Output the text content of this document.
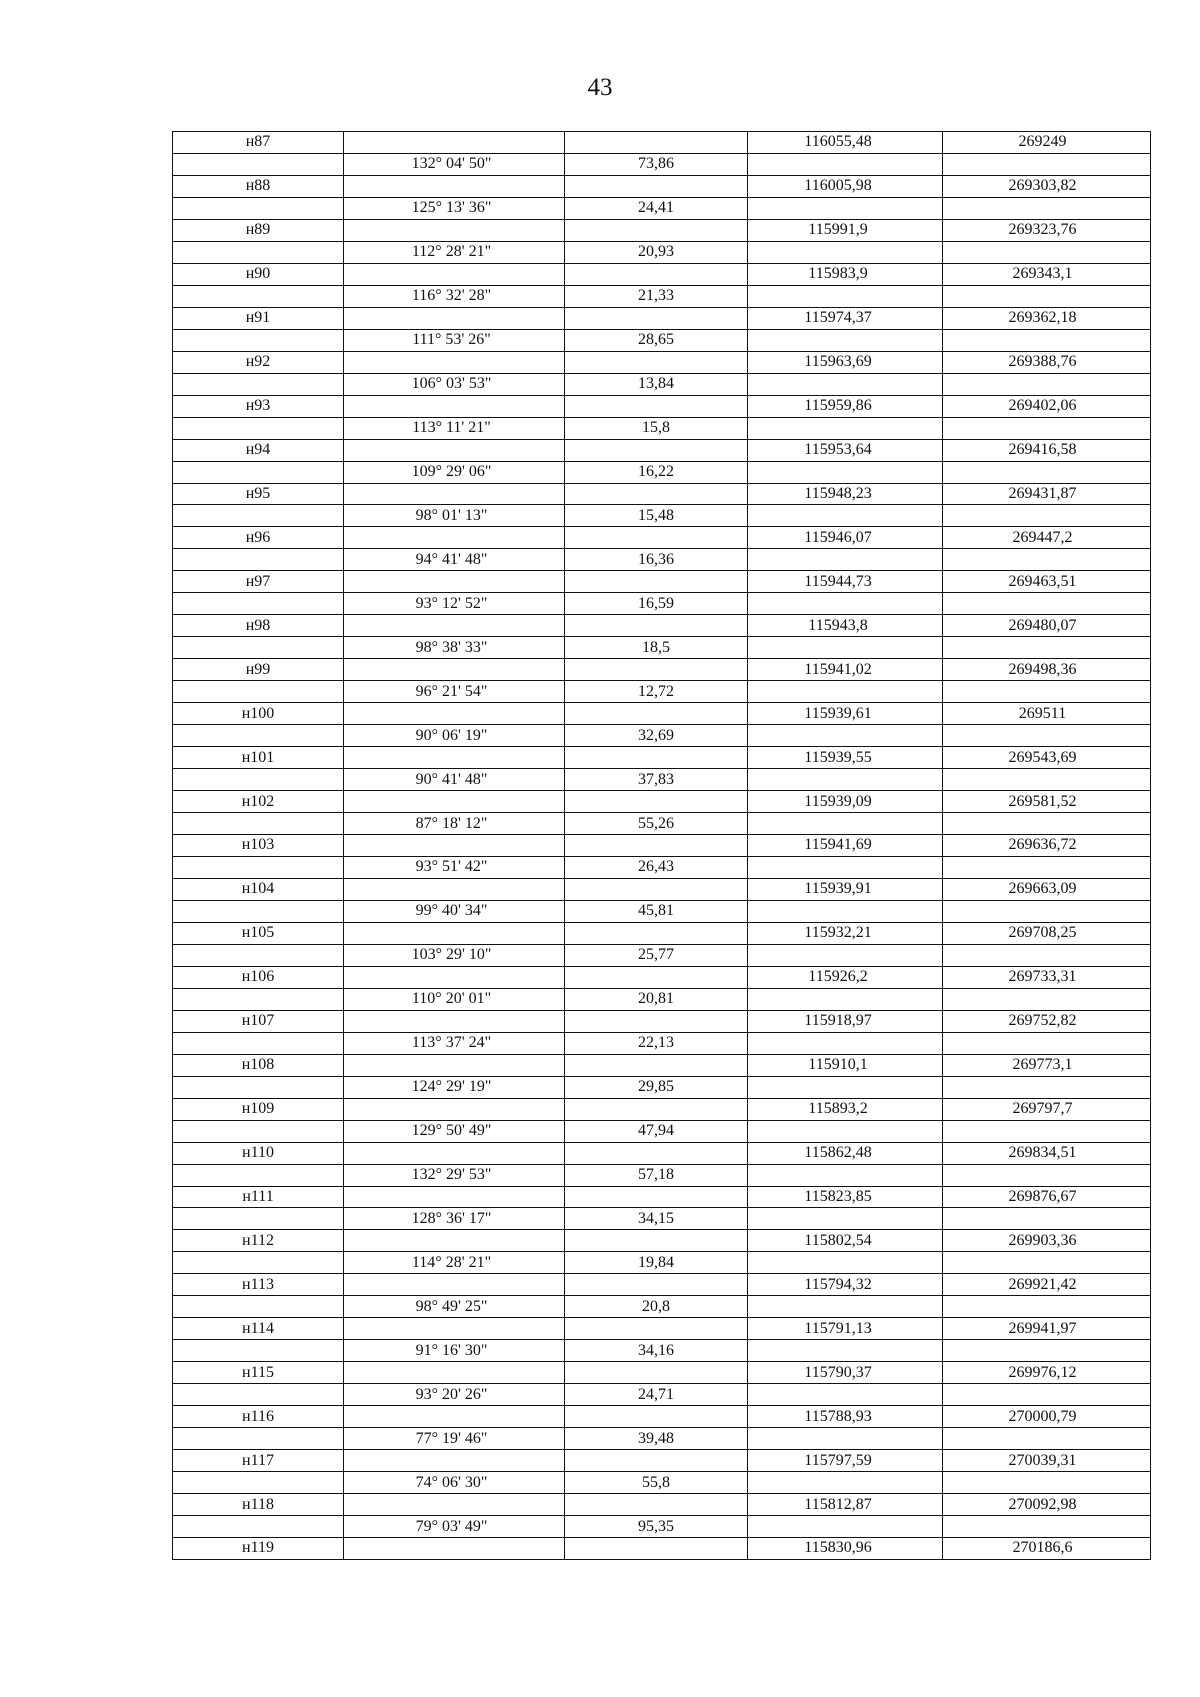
43
н87			116055,48	269249
	132° 04' 50"	73,86		
н88			116005,98	269303,82
	125° 13' 36"	24,41		
н89			115991,9	269323,76
	112° 28' 21"	20,93		
н90			115983,9	269343,1
	116° 32' 28"	21,33		
н91			115974,37	269362,18
	111° 53' 26"	28,65		
н92			115963,69	269388,76
	106° 03' 53"	13,84		
н93			115959,86	269402,06
	113° 11' 21"	15,8		
н94			115953,64	269416,58
	109° 29' 06"	16,22		
н95			115948,23	269431,87
	98° 01' 13"	15,48		
н96			115946,07	269447,2
	94° 41' 48"	16,36		
н97			115944,73	269463,51
	93° 12' 52"	16,59		
н98			115943,8	269480,07
	98° 38' 33"	18,5		
н99			115941,02	269498,36
	96° 21' 54"	12,72		
н100			115939,61	269511
	90° 06' 19"	32,69		
н101			115939,55	269543,69
	90° 41' 48"	37,83		
н102			115939,09	269581,52
	87° 18' 12"	55,26		
н103			115941,69	269636,72
	93° 51' 42"	26,43		
н104			115939,91	269663,09
	99° 40' 34"	45,81		
н105			115932,21	269708,25
	103° 29' 10"	25,77		
н106			115926,2	269733,31
	110° 20' 01"	20,81		
н107			115918,97	269752,82
	113° 37' 24"	22,13		
н108			115910,1	269773,1
	124° 29' 19"	29,85		
н109			115893,2	269797,7
	129° 50' 49"	47,94		
н110			115862,48	269834,51
	132° 29' 53"	57,18		
н111			115823,85	269876,67
	128° 36' 17"	34,15		
н112			115802,54	269903,36
	114° 28' 21"	19,84		
н113			115794,32	269921,42
	98° 49' 25"	20,8		
н114			115791,13	269941,97
	91° 16' 30"	34,16		
н115			115790,37	269976,12
	93° 20' 26"	24,71		
н116			115788,93	270000,79
	77° 19' 46"	39,48		
н117			115797,59	270039,31
	74° 06' 30"	55,8		
н118			115812,87	270092,98
	79° 03' 49"	95,35		
н119			115830,96	270186,6
